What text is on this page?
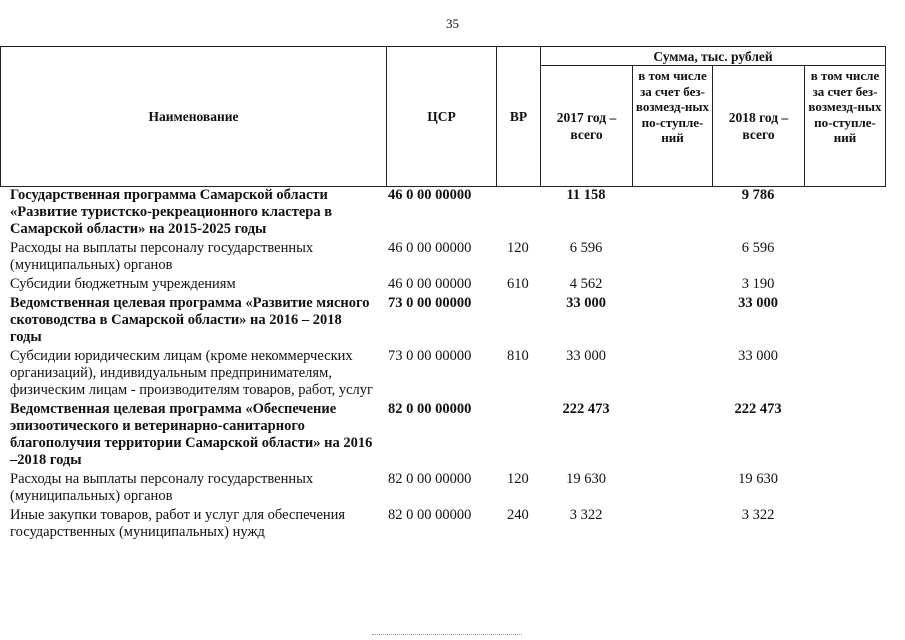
35
Наименование	ЦСР	ВР	Сумма, тыс. рублей			
			2017 год – всего	в том числе за счет без-возмезд-ных по-ступле-ний	2018 год – всего	в том числе за счет без-возмезд-ных по-ступле-ний
Государственная программа Самарской области «Развитие туристско-рекреационного кластера в Самарской области» на 2015-2025 годы	46 0 00 00000		11 158		9 786	
Расходы на выплаты персоналу государственных (муниципальных) органов	46 0 00 00000	120	6 596		6 596	
Субсидии бюджетным учреждениям	46 0 00 00000	610	4 562		3 190	
Ведомственная целевая программа «Развитие мясного скотоводства в Самарской области» на 2016 – 2018 годы	73 0 00 00000		33 000		33 000	
Субсидии юридическим лицам (кроме некоммерческих организаций), индивидуальным предпринимателям, физическим лицам - производителям товаров, работ, услуг	73 0 00 00000	810	33 000		33 000	
Ведомственная целевая программа «Обеспечение эпизоотического и ветеринарно-санитарного благополучия территории Самарской области» на 2016 –2018 годы	82 0 00 00000		222 473		222 473	
Расходы на выплаты персоналу государственных (муниципальных) органов	82 0 00 00000	120	19 630		19 630	
Иные закупки товаров, работ и услуг для обеспечения государственных (муниципальных) нужд	82 0 00 00000	240	3 322		3 322	
